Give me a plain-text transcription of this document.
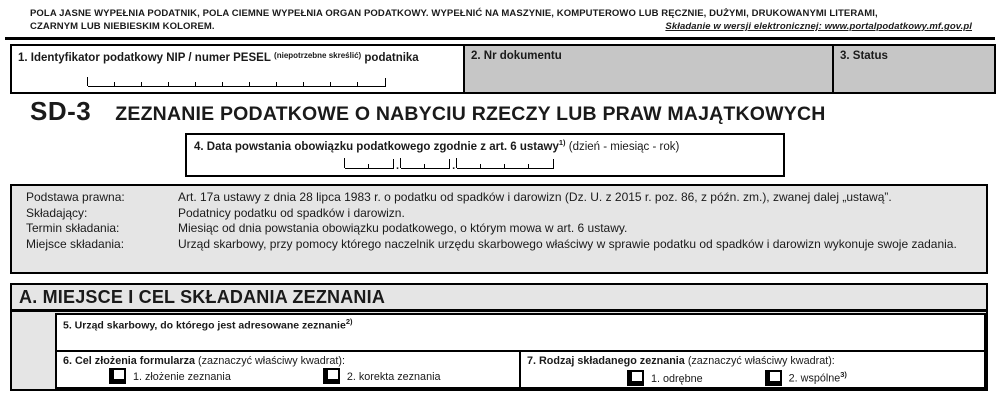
POLA JASNE WYPEŁNIA PODATNIK, POLA CIEMNE WYPEŁNIA ORGAN PODATKOWY. WYPEŁNIĆ NA MASZYNIE, KOMPUTEROWO LUB RĘCZNIE, DUŻYMI, DRUKOWANYMI LITERAMI,
CZARNYM LUB NIEBIESKIM KOLOREM.	Składanie w wersji elektronicznej: www.portalpodatkowy.mf.gov.pl
1. Identyfikator podatkowy NIP / numer PESEL $^{(niepotrzebne skreślić)}$ podatnika	2. Nr dokumentu	3. Status
SD-3 ZEZNANIE PODATKOWE O NABYCIU RZECZY LUB PRAW MAJĄTKOWYCH
4. Data powstania obowiązku podatkowego zgodnie z art. 6 ustawy$^{1)}$ (dzień - miesiąc - rok)
.	.
Podstawa prawna:	Art. 17a ustawy z dnia 28 lipca 1983 r. o podatku od spadków i darowizn (Dz. U. z 2015 r. poz. 86, z późn. zm.), zwanej dalej „ustawą”.
Składający:	Podatnicy podatku od spadków i darowizn.
Termin składania:	Miesiąc od dnia powstania obowiązku podatkowego, o którym mowa w art. 6 ustawy.
Miejsce składania:	Urząd skarbowy, przy pomocy którego naczelnik urzędu skarbowego właściwy w sprawie podatku od spadków i darowizn wykonuje swoje zadania.
A. MIEJSCE I CEL SKŁADANIA ZEZNANIA
5. Urząd skarbowy, do którego jest adresowane zeznanie$^{2)}$
6. Cel złożenia formularza (zaznaczyć właściwy kwadrat):
1. złożenie zeznania	2. korekta zeznania
7. Rodzaj składanego zeznania (zaznaczyć właściwy kwadrat):
1. odrębne	2. wspólne$^{3)}$
